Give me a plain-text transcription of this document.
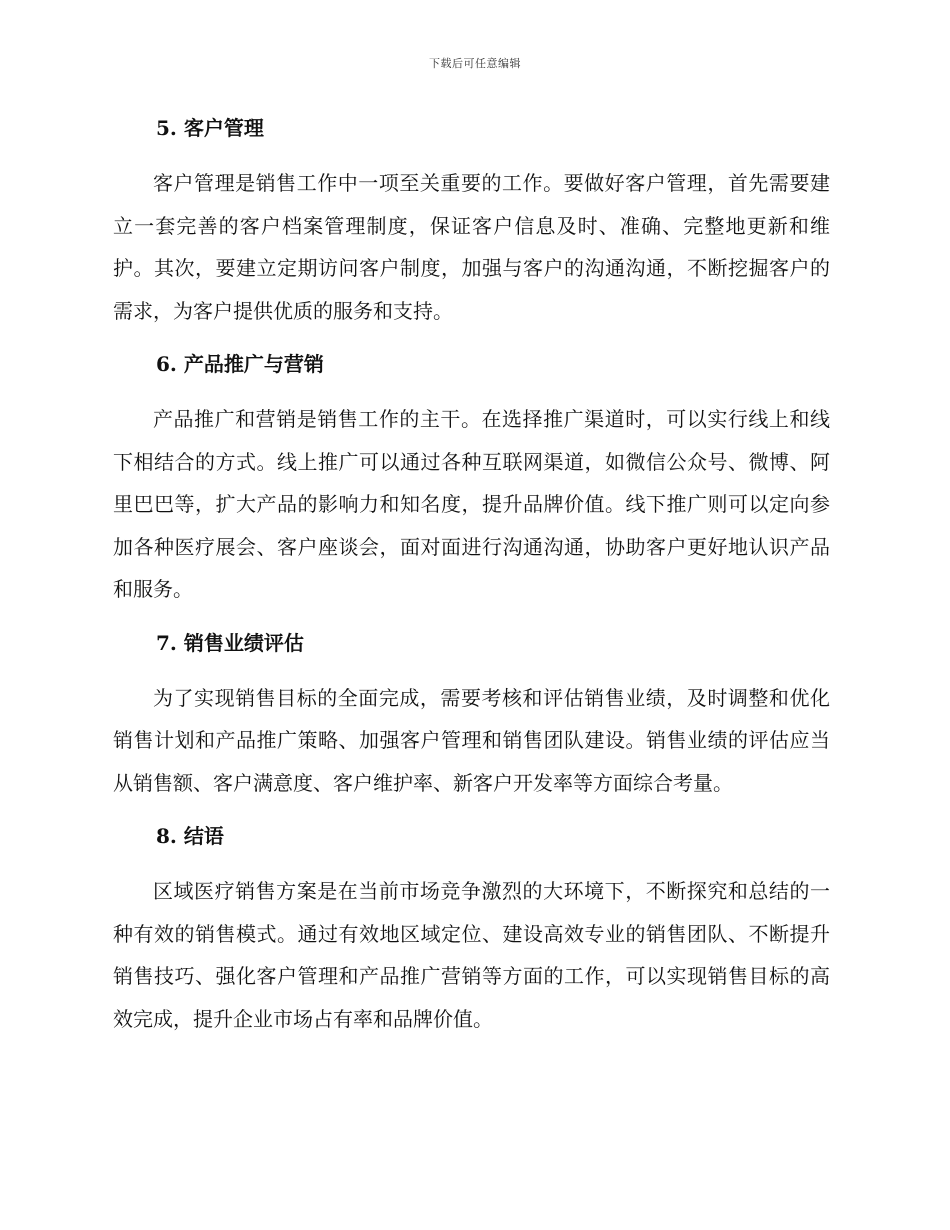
下载后可任意编辑
5. 客户管理

客户管理是销售工作中一项至关重要的工作。要做好客户管理，首先需要建立一套完善的客户档案管理制度，保证客户信息及时、准确、完整地更新和维护。其次，要建立定期访问客户制度，加强与客户的沟通沟通，不断挖掘客户的需求，为客户提供优质的服务和支持。

6. 产品推广与营销

产品推广和营销是销售工作的主干。在选择推广渠道时，可以实行线上和线下相结合的方式。线上推广可以通过各种互联网渠道，如微信公众号、微博、阿里巴巴等，扩大产品的影响力和知名度，提升品牌价值。线下推广则可以定向参加各种医疗展会、客户座谈会，面对面进行沟通沟通，协助客户更好地认识产品和服务。

7. 销售业绩评估

为了实现销售目标的全面完成，需要考核和评估销售业绩，及时调整和优化销售计划和产品推广策略、加强客户管理和销售团队建设。销售业绩的评估应当从销售额、客户满意度、客户维护率、新客户开发率等方面综合考量。

8. 结语

区域医疗销售方案是在当前市场竞争激烈的大环境下，不断探究和总结的一种有效的销售模式。通过有效地区域定位、建设高效专业的销售团队、不断提升销售技巧、强化客户管理和产品推广营销等方面的工作，可以实现销售目标的高效完成，提升企业市场占有率和品牌价值。
